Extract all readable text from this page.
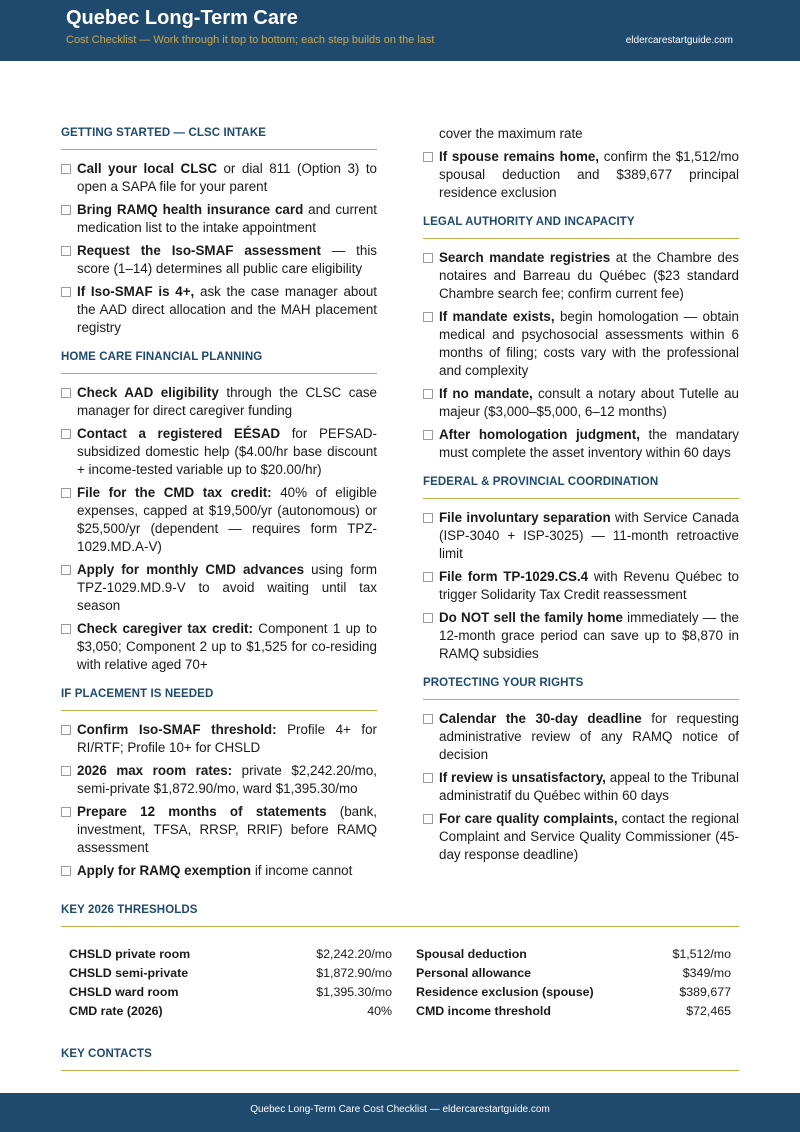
Quebec Long-Term Care
Cost Checklist — Work through it top to bottom; each step builds on the last	eldercarestartguide.com
GETTING STARTED — CLSC INTAKE
Call your local CLSC or dial 811 (Option 3) to open a SAPA file for your parent
Bring RAMQ health insurance card and current medication list to the intake appointment
Request the Iso-SMAF assessment — this score (1–14) determines all public care eligibility
If Iso-SMAF is 4+, ask the case manager about the AAD direct allocation and the MAH placement registry
HOME CARE FINANCIAL PLANNING
Check AAD eligibility through the CLSC case manager for direct caregiver funding
Contact a registered EÉSAD for PEFSAD-subsidized domestic help ($4.00/hr base discount + income-tested variable up to $20.00/hr)
File for the CMD tax credit: 40% of eligible expenses, capped at $19,500/yr (autonomous) or $25,500/yr (dependent — requires form TPZ-1029.MD.A-V)
Apply for monthly CMD advances using form TPZ-1029.MD.9-V to avoid waiting until tax season
Check caregiver tax credit: Component 1 up to $3,050; Component 2 up to $1,525 for co-residing with relative aged 70+
IF PLACEMENT IS NEEDED
Confirm Iso-SMAF threshold: Profile 4+ for RI/RTF; Profile 10+ for CHSLD
2026 max room rates: private $2,242.20/mo, semi-private $1,872.90/mo, ward $1,395.30/mo
Prepare 12 months of statements (bank, investment, TFSA, RRSP, RRIF) before RAMQ assessment
Apply for RAMQ exemption if income cannot
cover the maximum rate
If spouse remains home, confirm the $1,512/mo spousal deduction and $389,677 principal residence exclusion
LEGAL AUTHORITY AND INCAPACITY
Search mandate registries at the Chambre des notaires and Barreau du Québec ($23 standard Chambre search fee; confirm current fee)
If mandate exists, begin homologation — obtain medical and psychosocial assessments within 6 months of filing; costs vary with the professional and complexity
If no mandate, consult a notary about Tutelle au majeur ($3,000–$5,000, 6–12 months)
After homologation judgment, the mandatary must complete the asset inventory within 60 days
FEDERAL & PROVINCIAL COORDINATION
File involuntary separation with Service Canada (ISP-3040 + ISP-3025) — 11-month retroactive limit
File form TP-1029.CS.4 with Revenu Québec to trigger Solidarity Tax Credit reassessment
Do NOT sell the family home immediately — the 12-month grace period can save up to $8,870 in RAMQ subsidies
PROTECTING YOUR RIGHTS
Calendar the 30-day deadline for requesting administrative review of any RAMQ notice of decision
If review is unsatisfactory, appeal to the Tribunal administratif du Québec within 60 days
For care quality complaints, contact the regional Complaint and Service Quality Commissioner (45-day response deadline)
KEY 2026 THRESHOLDS
CHSLD private room	$2,242.20/mo
CHSLD semi-private	$1,872.90/mo
CHSLD ward room	$1,395.30/mo
CMD rate (2026)	40%
Spousal deduction	$1,512/mo
Personal allowance	$349/mo
Residence exclusion (spouse)	$389,677
CMD income threshold	$72,465
KEY CONTACTS
Quebec Long-Term Care Cost Checklist — eldercarestartguide.com
